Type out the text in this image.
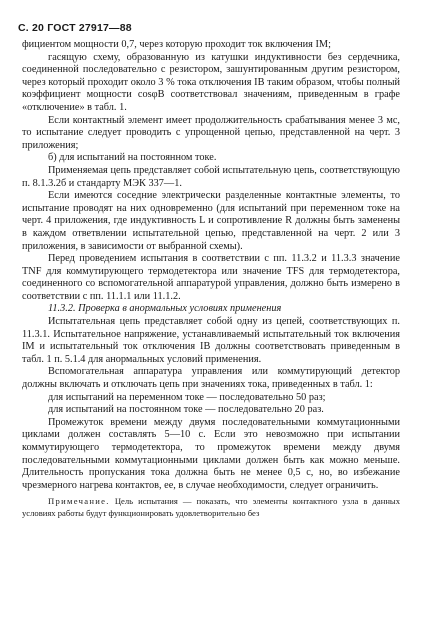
С. 20 ГОСТ 27917—88

фициентом мощности 0,7, через которую проходит ток включения IM;

гасящую схему, образованную из катушки индуктивности без сердечника, соединенной последовательно с резистором, зашунтированным другим резистором, через который проходит около 3 % тока отключения IB таким образом, чтобы полный коэффициент мощности cosφB соответствовал значениям, приведенным в графе «отключение» в табл. 1.

Если контактный элемент имеет продолжительность срабатывания менее 3 мс, то испытание следует проводить с упрощенной цепью, представленной на черт. 3 приложения;

б) для испытаний на постоянном токе.

Применяемая цепь представляет собой испытательную цепь, соответствующую п. 8.1.3.2б и стандарту МЭК 337—1.

Если имеются соседние электрически разделенные контактные элементы, то испытание проводят на них одновременно (для испытаний при переменном токе на черт. 4 приложения, где индуктивность L и сопротивление R должны быть заменены в каждом ответвлении испытательной цепью, представленной на черт. 2 или 3 приложения, в зависимости от выбранной схемы).

Перед проведением испытания в соответствии с пп. 11.3.2 и 11.3.3 значение TNF для коммутирующего термодетектора или значение TFS для термодетектора, соединенного со вспомогательной аппаратурой управления, должно быть измерено в соответствии с пп. 11.1.1 или 11.1.2.

11.3.2. Проверка в анормальных условиях применения

Испытательная цепь представляет собой одну из цепей, соответствующих п. 11.3.1. Испытательное напряжение, устанавливаемый испытательный ток включения IM и испытательный ток отключения IB должны соответствовать приведенным в табл. 1 п. 5.1.4 для анормальных условий применения.

Вспомогательная аппаратура управления или коммутирующий детектор должны включать и отключать цепь при значениях тока, приведенных в табл. 1:

для испытаний на переменном токе — последовательно 50 раз;

для испытаний на постоянном токе — последовательно 20 раз.

Промежуток времени между двумя последовательными коммутационными циклами должен составлять 5—10 с. Если это невозможно при испытании коммутирующего термодетектора, то промежуток времени между двумя последовательными коммутационными циклами должен быть как можно меньше. Длительность пропускания тока должна быть не менее 0,5 с, но, во избежание чрезмерного нагрева контактов, ее, в случае необходимости, следует ограничить.

Примечание. Цель испытания — показать, что элементы контактного узла в данных условиях работы будут функционировать удовлетворительно без
